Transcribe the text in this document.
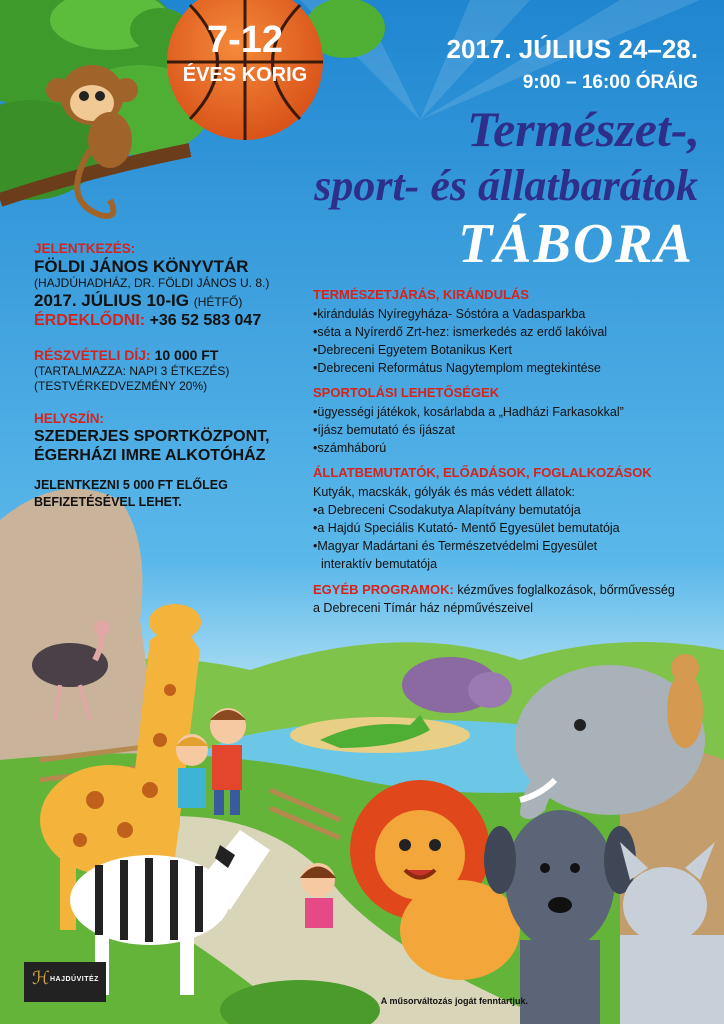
7-12
ÉVES KORIG
2017. JÚLIUS 24–28.
9:00 – 16:00 ÓRÁIG
Természet-,
sport- és állatbarátok
TÁBORA
JELENTKEZÉS:
FÖLDI JÁNOS KÖNYVTÁR
(HAJDÚHADHÁZ, DR. FÖLDI JÁNOS U. 8.)
2017. JÚLIUS 10-IG (HÉTFŐ)
ÉRDEKLŐDNI: +36 52 583 047
RÉSZVÉTELI DÍJ: 10 000 FT
(TARTALMAZZA: NAPI 3 ÉTKEZÉS)
(TESTVÉRKEDVEZMÉNY 20%)
HELYSZÍN:
SZEDERJES SPORTKÖZPONT,
ÉGERHÁZI IMRE ALKOTÓHÁZ
JELENTKEZNI 5 000 FT ELŐLEG
BEFIZETÉSÉVEL LEHET.
TERMÉSZETJÁRÁS, KIRÁNDULÁS
•kirándulás Nyíregyháza- Sóstóra a Vadasparkba
•séta a Nyírerdő Zrt-hez: ismerkedés az erdő lakóival
•Debreceni Egyetem Botanikus Kert
•Debreceni Református Nagytemplom megtekintése
SPORTOLÁSI LEHETŐSÉGEK
•ügyességi játékok, kosárlabda a „Hadházi Farkasokkal”
•íjász bemutató és íjászat
•számháború
ÁLLATBEMUTATÓK, ELŐADÁSOK, FOGLALKOZÁSOK
Kutyák, macskák, gólyák és más védett állatok:
•a Debreceni Csodakutya Alapítvány bemutatója
•a Hajdú Speciális Kutató- Mentő Egyesület bemutatója
•Magyar Madártani és Természetvédelmi Egyesület
interaktív bemutatója
EGYÉB PROGRAMOK: kézműves foglalkozások, bőrművesség
a Debreceni Tímár ház népművészeivel
ℋ HAJDÚVITÉZ
A műsorváltozás jogát fenntartjuk.
